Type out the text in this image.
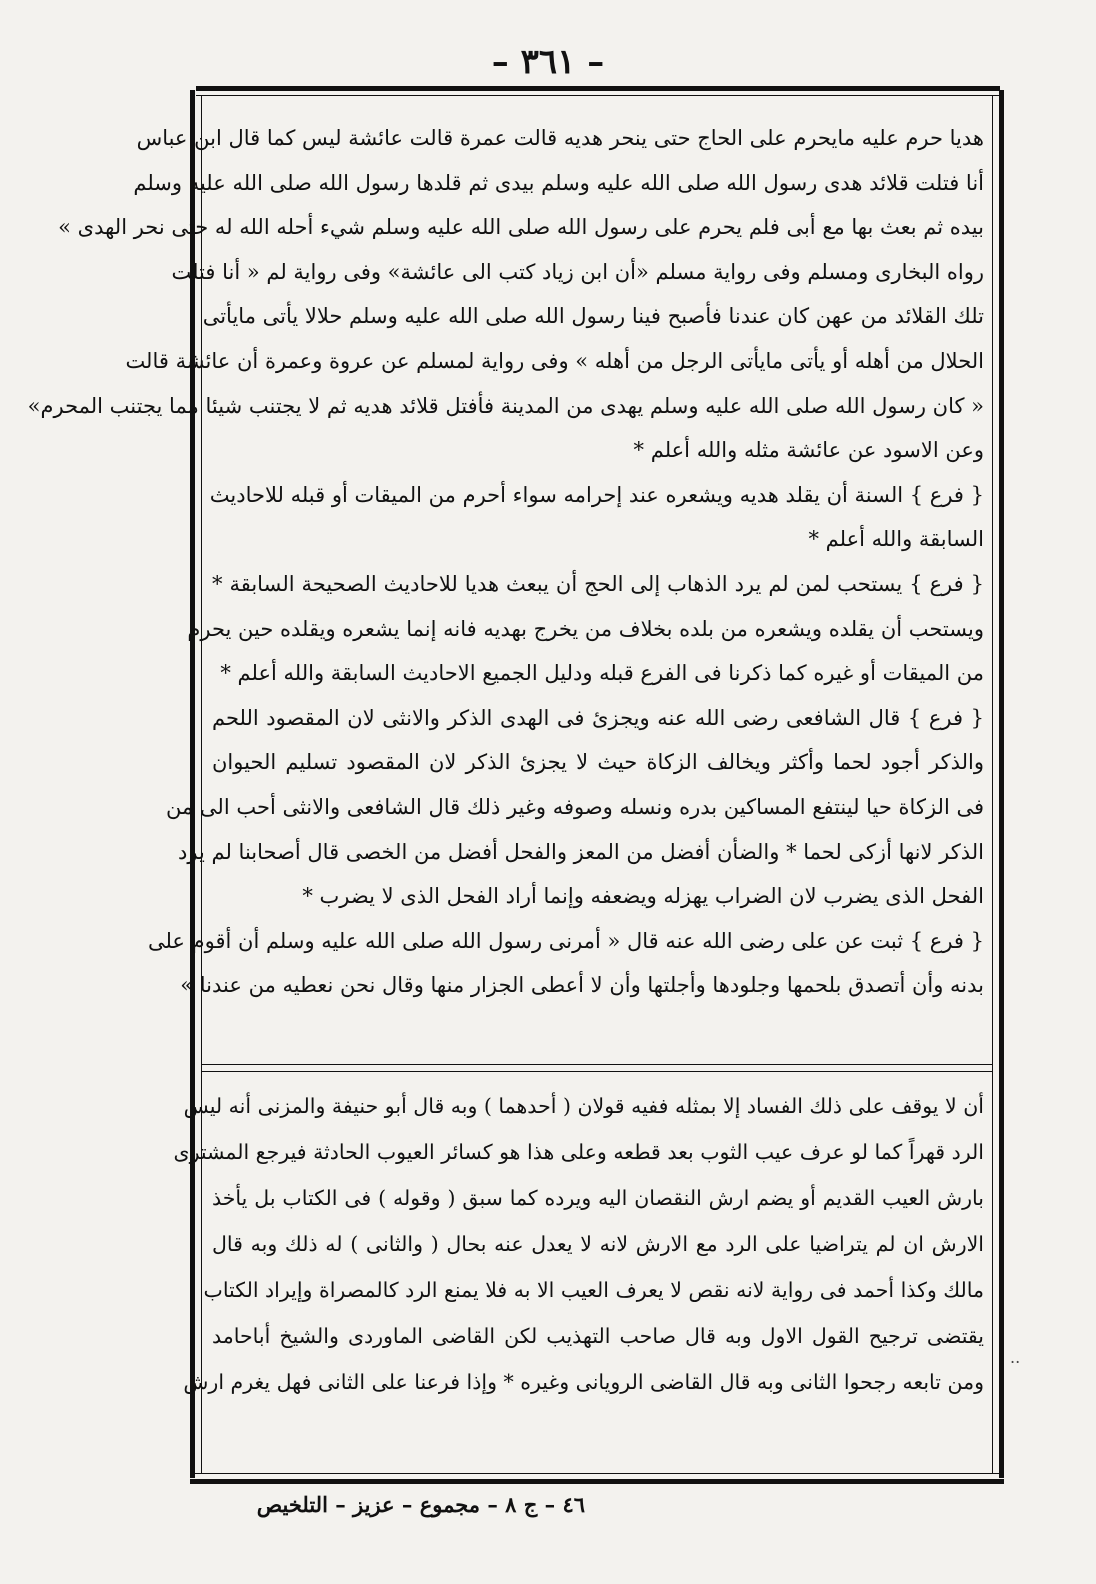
– ٣٦١ –
هديا حرم عليه مايحرم على الحاج حتى ينحر هديه قالت عمرة قالت عائشة ليس كما قال ابن عباس
أنا فتلت قلائد هدى رسول الله صلى الله عليه وسلم بيدى ثم قلدها رسول الله صلى الله عليه وسلم
بيده ثم بعث بها مع أبى فلم يحرم على رسول الله صلى الله عليه وسلم شيء أحله الله له حتى نحر الهدى »
رواه البخارى ومسلم وفى رواية مسلم «أن ابن زياد كتب الى عائشة» وفى رواية لم « أنا فتلت
تلك القلائد من عهن كان عندنا فأصبح فينا رسول الله صلى الله عليه وسلم حلالا يأتى مايأتى
الحلال من أهله أو يأتى مايأتى الرجل من أهله » وفى رواية لمسلم عن عروة وعمرة أن عائشة قالت
« كان رسول الله صلى الله عليه وسلم يهدى من المدينة فأفتل قلائد هديه ثم لا يجتنب شيئا مما يجتنب المحرم»
وعن الاسود عن عائشة مثله والله أعلم *
{ فرع } السنة أن يقلد هديه ويشعره عند إحرامه سواء أحرم من الميقات أو قبله للاحاديث
السابقة والله أعلم *
{ فرع } يستحب لمن لم يرد الذهاب إلى الحج أن يبعث هديا للاحاديث الصحيحة السابقة *
ويستحب أن يقلده ويشعره من بلده بخلاف من يخرج بهديه فانه إنما يشعره ويقلده حين يحرم
من الميقات أو غيره كما ذكرنا فى الفرع قبله ودليل الجميع الاحاديث السابقة والله أعلم *
{ فرع } قال الشافعى رضى الله عنه ويجزئ فى الهدى الذكر والانثى لان المقصود اللحم
والذكر أجود لحما وأكثر ويخالف الزكاة حيث لا يجزئ الذكر لان المقصود تسليم الحيوان
فى الزكاة حيا لينتفع المساكين بدره ونسله وصوفه وغير ذلك قال الشافعى والانثى أحب الى من
الذكر لانها أزكى لحما * والضأن أفضل من المعز والفحل أفضل من الخصى قال أصحابنا لم يرد
الفحل الذى يضرب لان الضراب يهزله ويضعفه وإنما أراد الفحل الذى لا يضرب *
{ فرع } ثبت عن على رضى الله عنه قال « أمرنى رسول الله صلى الله عليه وسلم أن أقوم على
بدنه وأن أتصدق بلحمها وجلودها وأجلتها وأن لا أعطى الجزار منها وقال نحن نعطيه من عندنا »
أن لا يوقف على ذلك الفساد إلا بمثله ففيه قولان ( أحدهما ) وبه قال أبو حنيفة والمزنى أنه ليس
الرد قهراً كما لو عرف عيب الثوب بعد قطعه وعلى هذا هو كسائر العيوب الحادثة فيرجع المشترى
بارش العيب القديم أو يضم ارش النقصان اليه ويرده كما سبق ( وقوله ) فى الكتاب بل يأخذ
الارش ان لم يتراضيا على الرد مع الارش لانه لا يعدل عنه بحال ( والثانى ) له ذلك وبه قال
مالك وكذا أحمد فى رواية لانه نقص لا يعرف العيب الا به فلا يمنع الرد كالمصراة وإيراد الكتاب
يقتضى ترجيح القول الاول وبه قال صاحب التهذيب لكن القاضى الماوردى والشيخ أباحامد
ومن تابعه رجحوا الثانى وبه قال القاضى الرويانى وغيره * وإذا فرعنا على الثانى فهل يغرم ارش
..
٤٦ – ج ٨ – مجموع – عزيز – التلخيص
